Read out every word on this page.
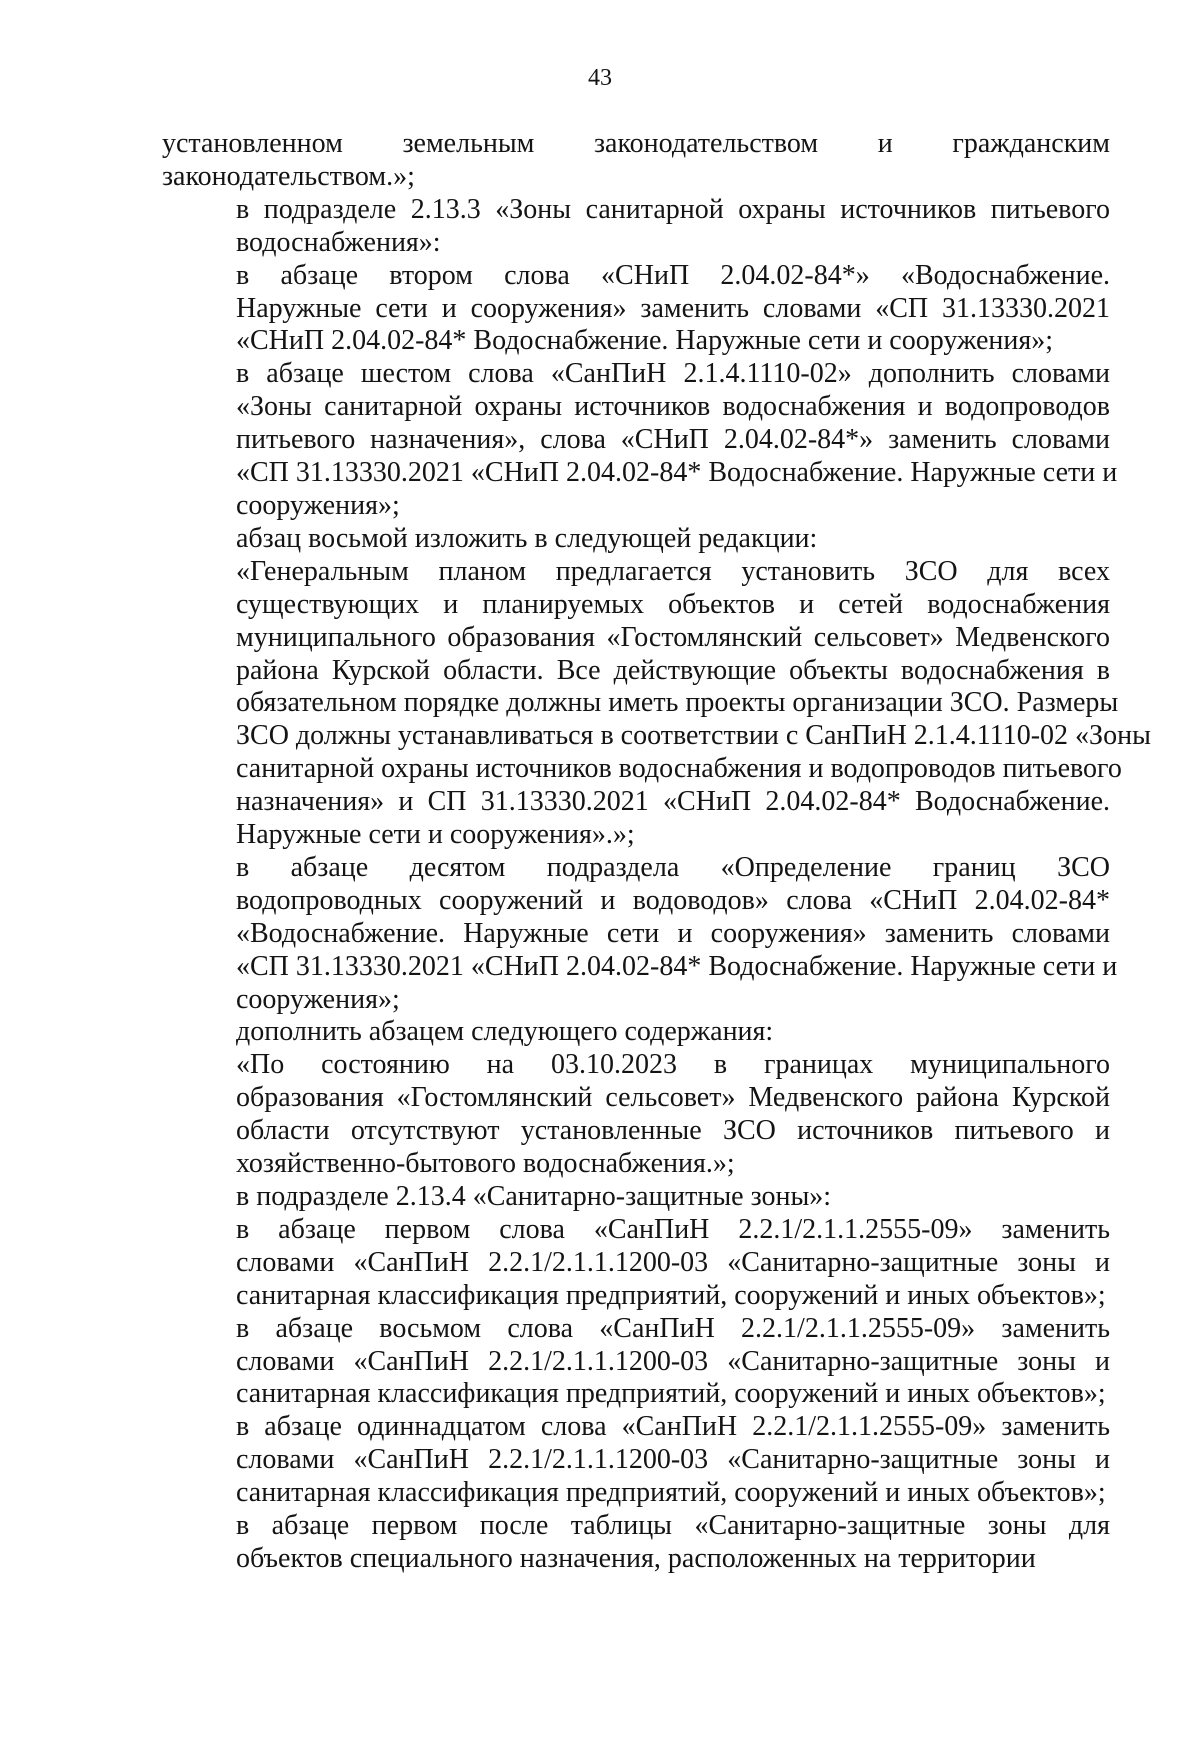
43

установленном земельным законодательством и гражданским
законодательством.»;

в подразделе 2.13.3 «Зоны санитарной охраны источников питьевого
водоснабжения»:

в абзаце втором слова «СНиП 2.04.02-84*» «Водоснабжение.
Наружные сети и сооружения» заменить словами «СП 31.13330.2021
«СНиП 2.04.02-84* Водоснабжение. Наружные сети и сооружения»;

в абзаце шестом слова «СанПиН 2.1.4.1110-02» дополнить словами
«Зоны санитарной охраны источников водоснабжения и водопроводов
питьевого назначения», слова «СНиП 2.04.02-84*» заменить словами
«СП 31.13330.2021 «СНиП 2.04.02-84* Водоснабжение. Наружные сети и
сооружения»;

абзац восьмой изложить в следующей редакции:

«Генеральным планом предлагается установить ЗСО для всех
существующих и планируемых объектов и сетей водоснабжения
муниципального образования «Гостомлянский сельсовет» Медвенского
района Курской области. Все действующие объекты водоснабжения в
обязательном порядке должны иметь проекты организации ЗСО. Размеры
ЗСО должны устанавливаться в соответствии с СанПиН 2.1.4.1110-02 «Зоны
санитарной охраны источников водоснабжения и водопроводов питьевого
назначения» и СП 31.13330.2021 «СНиП 2.04.02-84* Водоснабжение.
Наружные сети и сооружения».»;

в абзаце десятом подраздела «Определение границ ЗСО
водопроводных сооружений и водоводов» слова «СНиП 2.04.02-84*
«Водоснабжение. Наружные сети и сооружения» заменить словами
«СП 31.13330.2021 «СНиП 2.04.02-84* Водоснабжение. Наружные сети и
сооружения»;

дополнить абзацем следующего содержания:

«По состоянию на 03.10.2023 в границах муниципального
образования «Гостомлянский сельсовет» Медвенского района Курской
области отсутствуют установленные ЗСО источников питьевого и
хозяйственно-бытового водоснабжения.»;

в подразделе 2.13.4 «Санитарно-защитные зоны»:

в абзаце первом слова «СанПиН 2.2.1/2.1.1.2555-09» заменить
словами «СанПиН 2.2.1/2.1.1.1200-03 «Санитарно-защитные зоны и
санитарная классификация предприятий, сооружений и иных объектов»;

в абзаце восьмом слова «СанПиН 2.2.1/2.1.1.2555-09» заменить
словами «СанПиН 2.2.1/2.1.1.1200-03 «Санитарно-защитные зоны и
санитарная классификация предприятий, сооружений и иных объектов»;

в абзаце одиннадцатом слова «СанПиН 2.2.1/2.1.1.2555-09» заменить
словами «СанПиН 2.2.1/2.1.1.1200-03 «Санитарно-защитные зоны и
санитарная классификация предприятий, сооружений и иных объектов»;

в абзаце первом после таблицы «Санитарно-защитные зоны для
объектов специального назначения, расположенных на территории
